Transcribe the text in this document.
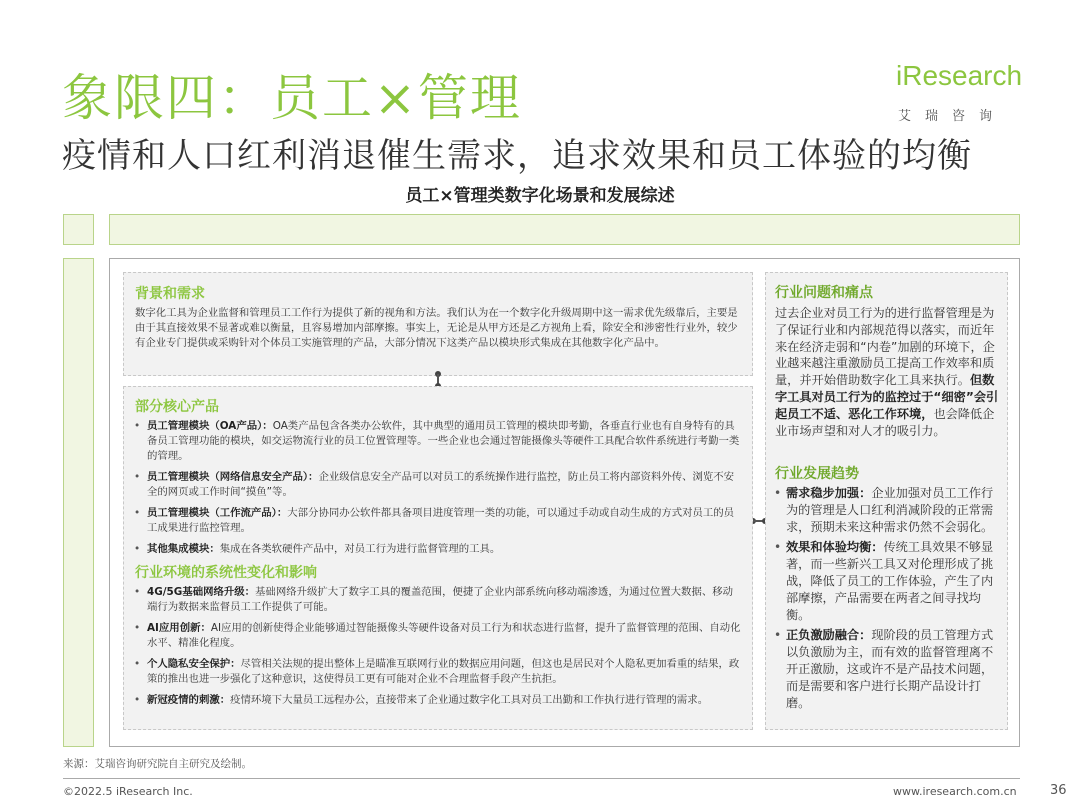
象限四：员工×管理
疫情和人口红利消退催生需求，追求效果和员工体验的均衡
员工×管理类数字化场景和发展综述
iResearch
艾瑞咨询
背景和需求
数字化工具为企业监督和管理员工工作行为提供了新的视角和方法。我们认为在一个数字化升级周期中这一需求优先级靠后，主要是由于其直接效果不显著或难以衡量，且容易增加内部摩擦。事实上，无论是从甲方还是乙方视角上看，除安全和涉密性行业外，较少有企业专门提供或采购针对个体员工实施管理的产品，大部分情况下这类产品以模块形式集成在其他数字化产品中。
部分核心产品
• 员工管理模块（OA产品）：OA类产品包含各类办公软件，其中典型的通用员工管理的模块即考勤，各垂直行业也有自身特有的具备员工管理功能的模块，如交运物流行业的员工位置管理等。一些企业也会通过智能摄像头等硬件工具配合软件系统进行考勤一类的管理。
• 员工管理模块（网络信息安全产品）：企业级信息安全产品可以对员工的系统操作进行监控，防止员工将内部资料外传、浏览不安全的网页或工作时间“摸鱼”等。
• 员工管理模块（工作流产品）：大部分协同办公软件都具备项目进度管理一类的功能，可以通过手动或自动生成的方式对员工的员工成果进行监控管理。
• 其他集成模块：集成在各类软硬件产品中，对员工行为进行监督管理的工具。
行业环境的系统性变化和影响
• 4G/5G基础网络升级：基础网络升级扩大了数字工具的覆盖范围，便捷了企业内部系统向移动端渗透，为通过位置大数据、移动端行为数据来监督员工工作提供了可能。
• AI应用创新：AI应用的创新使得企业能够通过智能摄像头等硬件设备对员工行为和状态进行监督，提升了监督管理的范围、自动化水平、精准化程度。
• 个人隐私安全保护：尽管相关法规的提出整体上是瞄准互联网行业的数据应用问题，但这也是居民对个人隐私更加看重的结果，政策的推出也进一步强化了这种意识，这使得员工更有可能对企业不合理监督手段产生抗拒。
• 新冠疫情的刺激：疫情环境下大量员工远程办公，直接带来了企业通过数字化工具对员工出勤和工作执行进行管理的需求。
行业问题和痛点
过去企业对员工行为的进行监督管理是为了保证行业和内部规范得以落实，而近年来在经济走弱和“内卷”加剧的环境下，企业越来越注重激励员工提高工作效率和质量，并开始借助数字化工具来执行。但数字工具对员工行为的监控过于“细密”会引起员工不适、恶化工作环境，也会降低企业市场声望和对人才的吸引力。
行业发展趋势
• 需求稳步加强：企业加强对员工工作行为的管理是人口红利消减阶段的正常需求，预期未来这种需求仍然不会弱化。
• 效果和体验均衡：传统工具效果不够显著，而一些新兴工具又对伦理形成了挑战，降低了员工的工作体验，产生了内部摩擦，产品需要在两者之间寻找均衡。
• 正负激励融合：现阶段的员工管理方式以负激励为主，而有效的监督管理离不开正激励，这或许不是产品技术问题，而是需要和客户进行长期产品设计打磨。
来源：艾瑞咨询研究院自主研究及绘制。
©2022.5 iResearch Inc.	www.iresearch.com.cn	36
